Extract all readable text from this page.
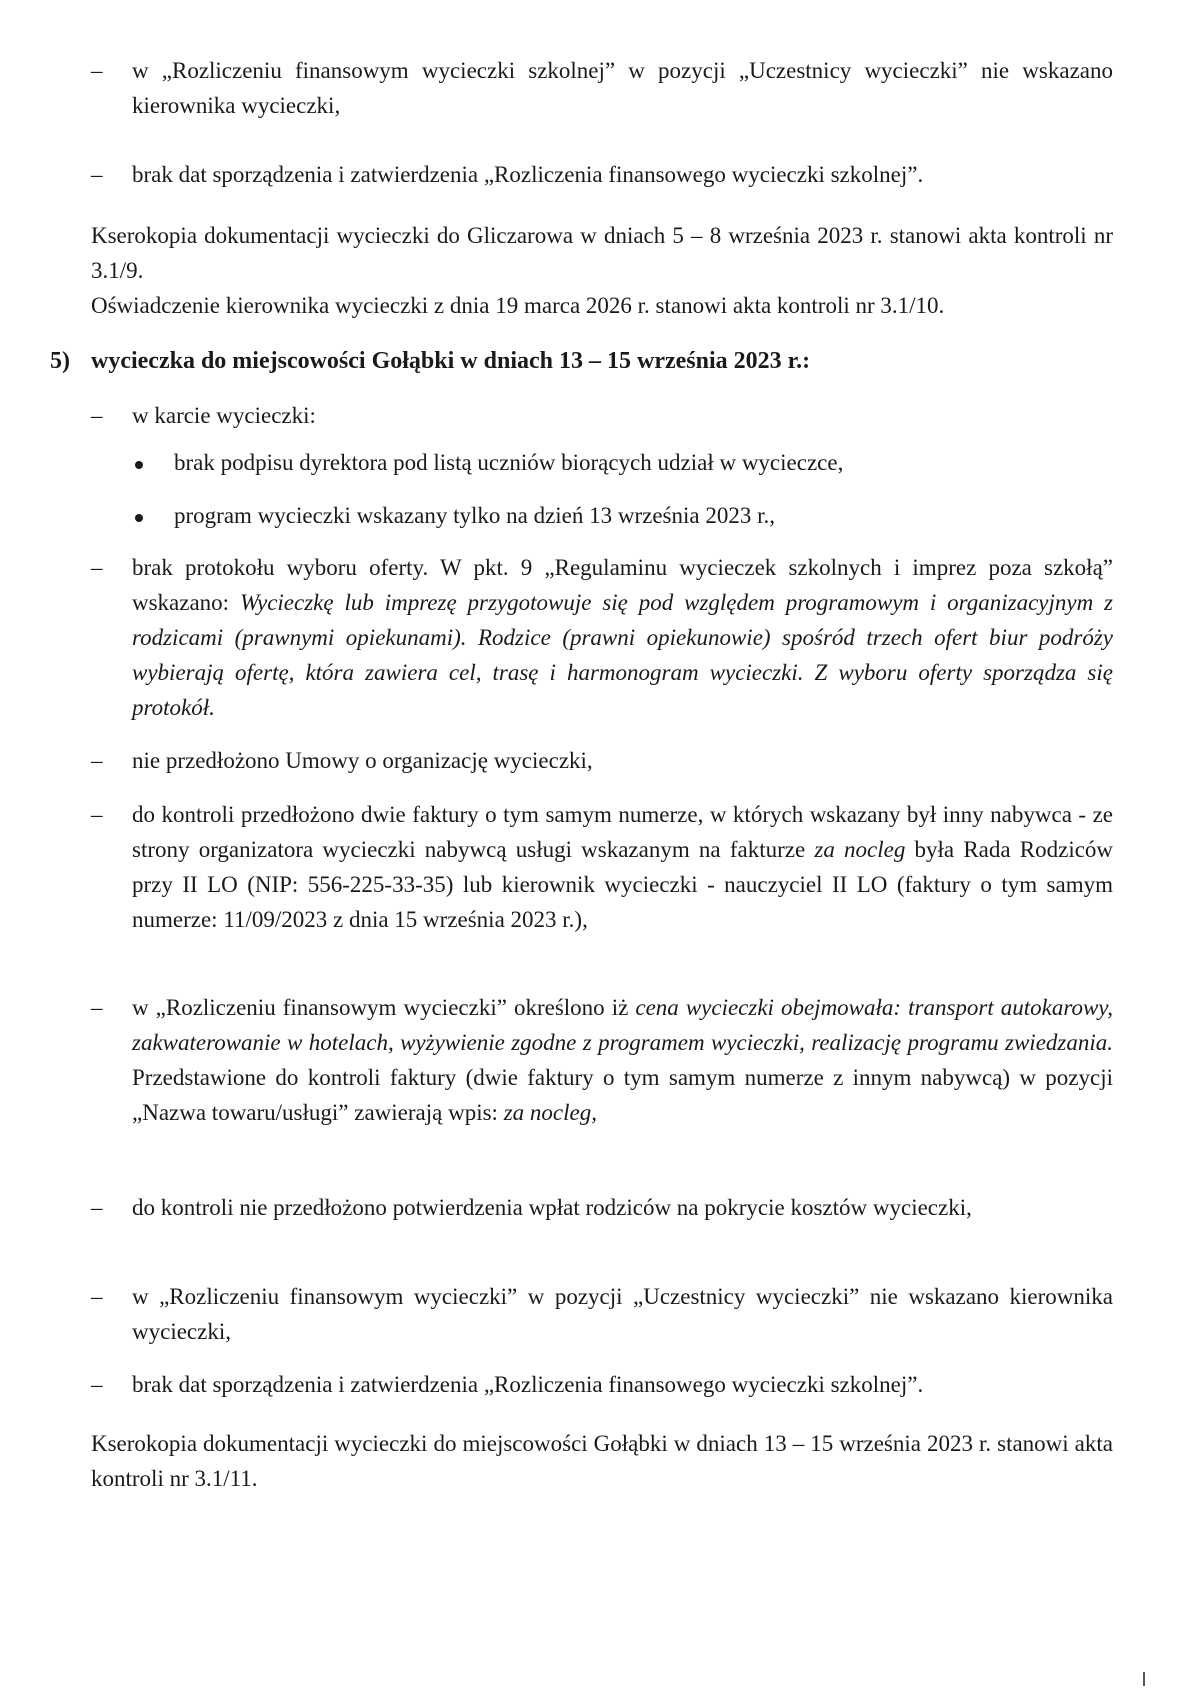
– w „Rozliczeniu finansowym wycieczki szkolnej” w pozycji „Uczestnicy wycieczki” nie wskazano kierownika wycieczki,
– brak dat sporządzenia i zatwierdzenia „Rozliczenia finansowego wycieczki szkolnej”.
Kserokopia dokumentacji wycieczki do Gliczarowa w dniach 5 – 8 września 2023 r. stanowi akta kontroli nr 3.1/9.
Oświadczenie kierownika wycieczki z dnia 19 marca 2026 r. stanowi akta kontroli nr 3.1/10.
5) wycieczka do miejscowości Gołąbki w dniach 13 – 15 września 2023 r.:
– w karcie wycieczki:
brak podpisu dyrektora pod listą uczniów biorących udział w wycieczce,
program wycieczki wskazany tylko na dzień 13 września 2023 r.,
– brak protokołu wyboru oferty. W pkt. 9 „Regulaminu wycieczek szkolnych i imprez poza szkołą” wskazano: Wycieczkę lub imprezę przygotowuje się pod względem programowym i organizacyjnym z rodzicami (prawnymi opiekunami). Rodzice (prawni opiekunowie) spośród trzech ofert biur podróży wybierają ofertę, która zawiera cel, trasę i harmonogram wycieczki. Z wyboru oferty sporządza się protokół.
– nie przedłożono Umowy o organizację wycieczki,
– do kontroli przedłożono dwie faktury o tym samym numerze, w których wskazany był inny nabywca - ze strony organizatora wycieczki nabywcą usługi wskazanym na fakturze za nocleg była Rada Rodziców przy II LO (NIP: 556-225-33-35) lub kierownik wycieczki - nauczyciel II LO (faktury o tym samym numerze: 11/09/2023 z dnia 15 września 2023 r.),
– w „Rozliczeniu finansowym wycieczki” określono iż cena wycieczki obejmowała: transport autokarowy, zakwaterowanie w hotelach, wyżywienie zgodne z programem wycieczki, realizację programu zwiedzania. Przedstawione do kontroli faktury (dwie faktury o tym samym numerze z innym nabywcą) w pozycji „Nazwa towaru/usługi” zawierają wpis: za nocleg,
– do kontroli nie przedłożono potwierdzenia wpłat rodziców na pokrycie kosztów wycieczki,
– w „Rozliczeniu finansowym wycieczki” w pozycji „Uczestnicy wycieczki” nie wskazano kierownika wycieczki,
– brak dat sporządzenia i zatwierdzenia „Rozliczenia finansowego wycieczki szkolnej”.
Kserokopia dokumentacji wycieczki do miejscowości Gołąbki w dniach 13 – 15 września 2023 r. stanowi akta kontroli nr 3.1/11.
